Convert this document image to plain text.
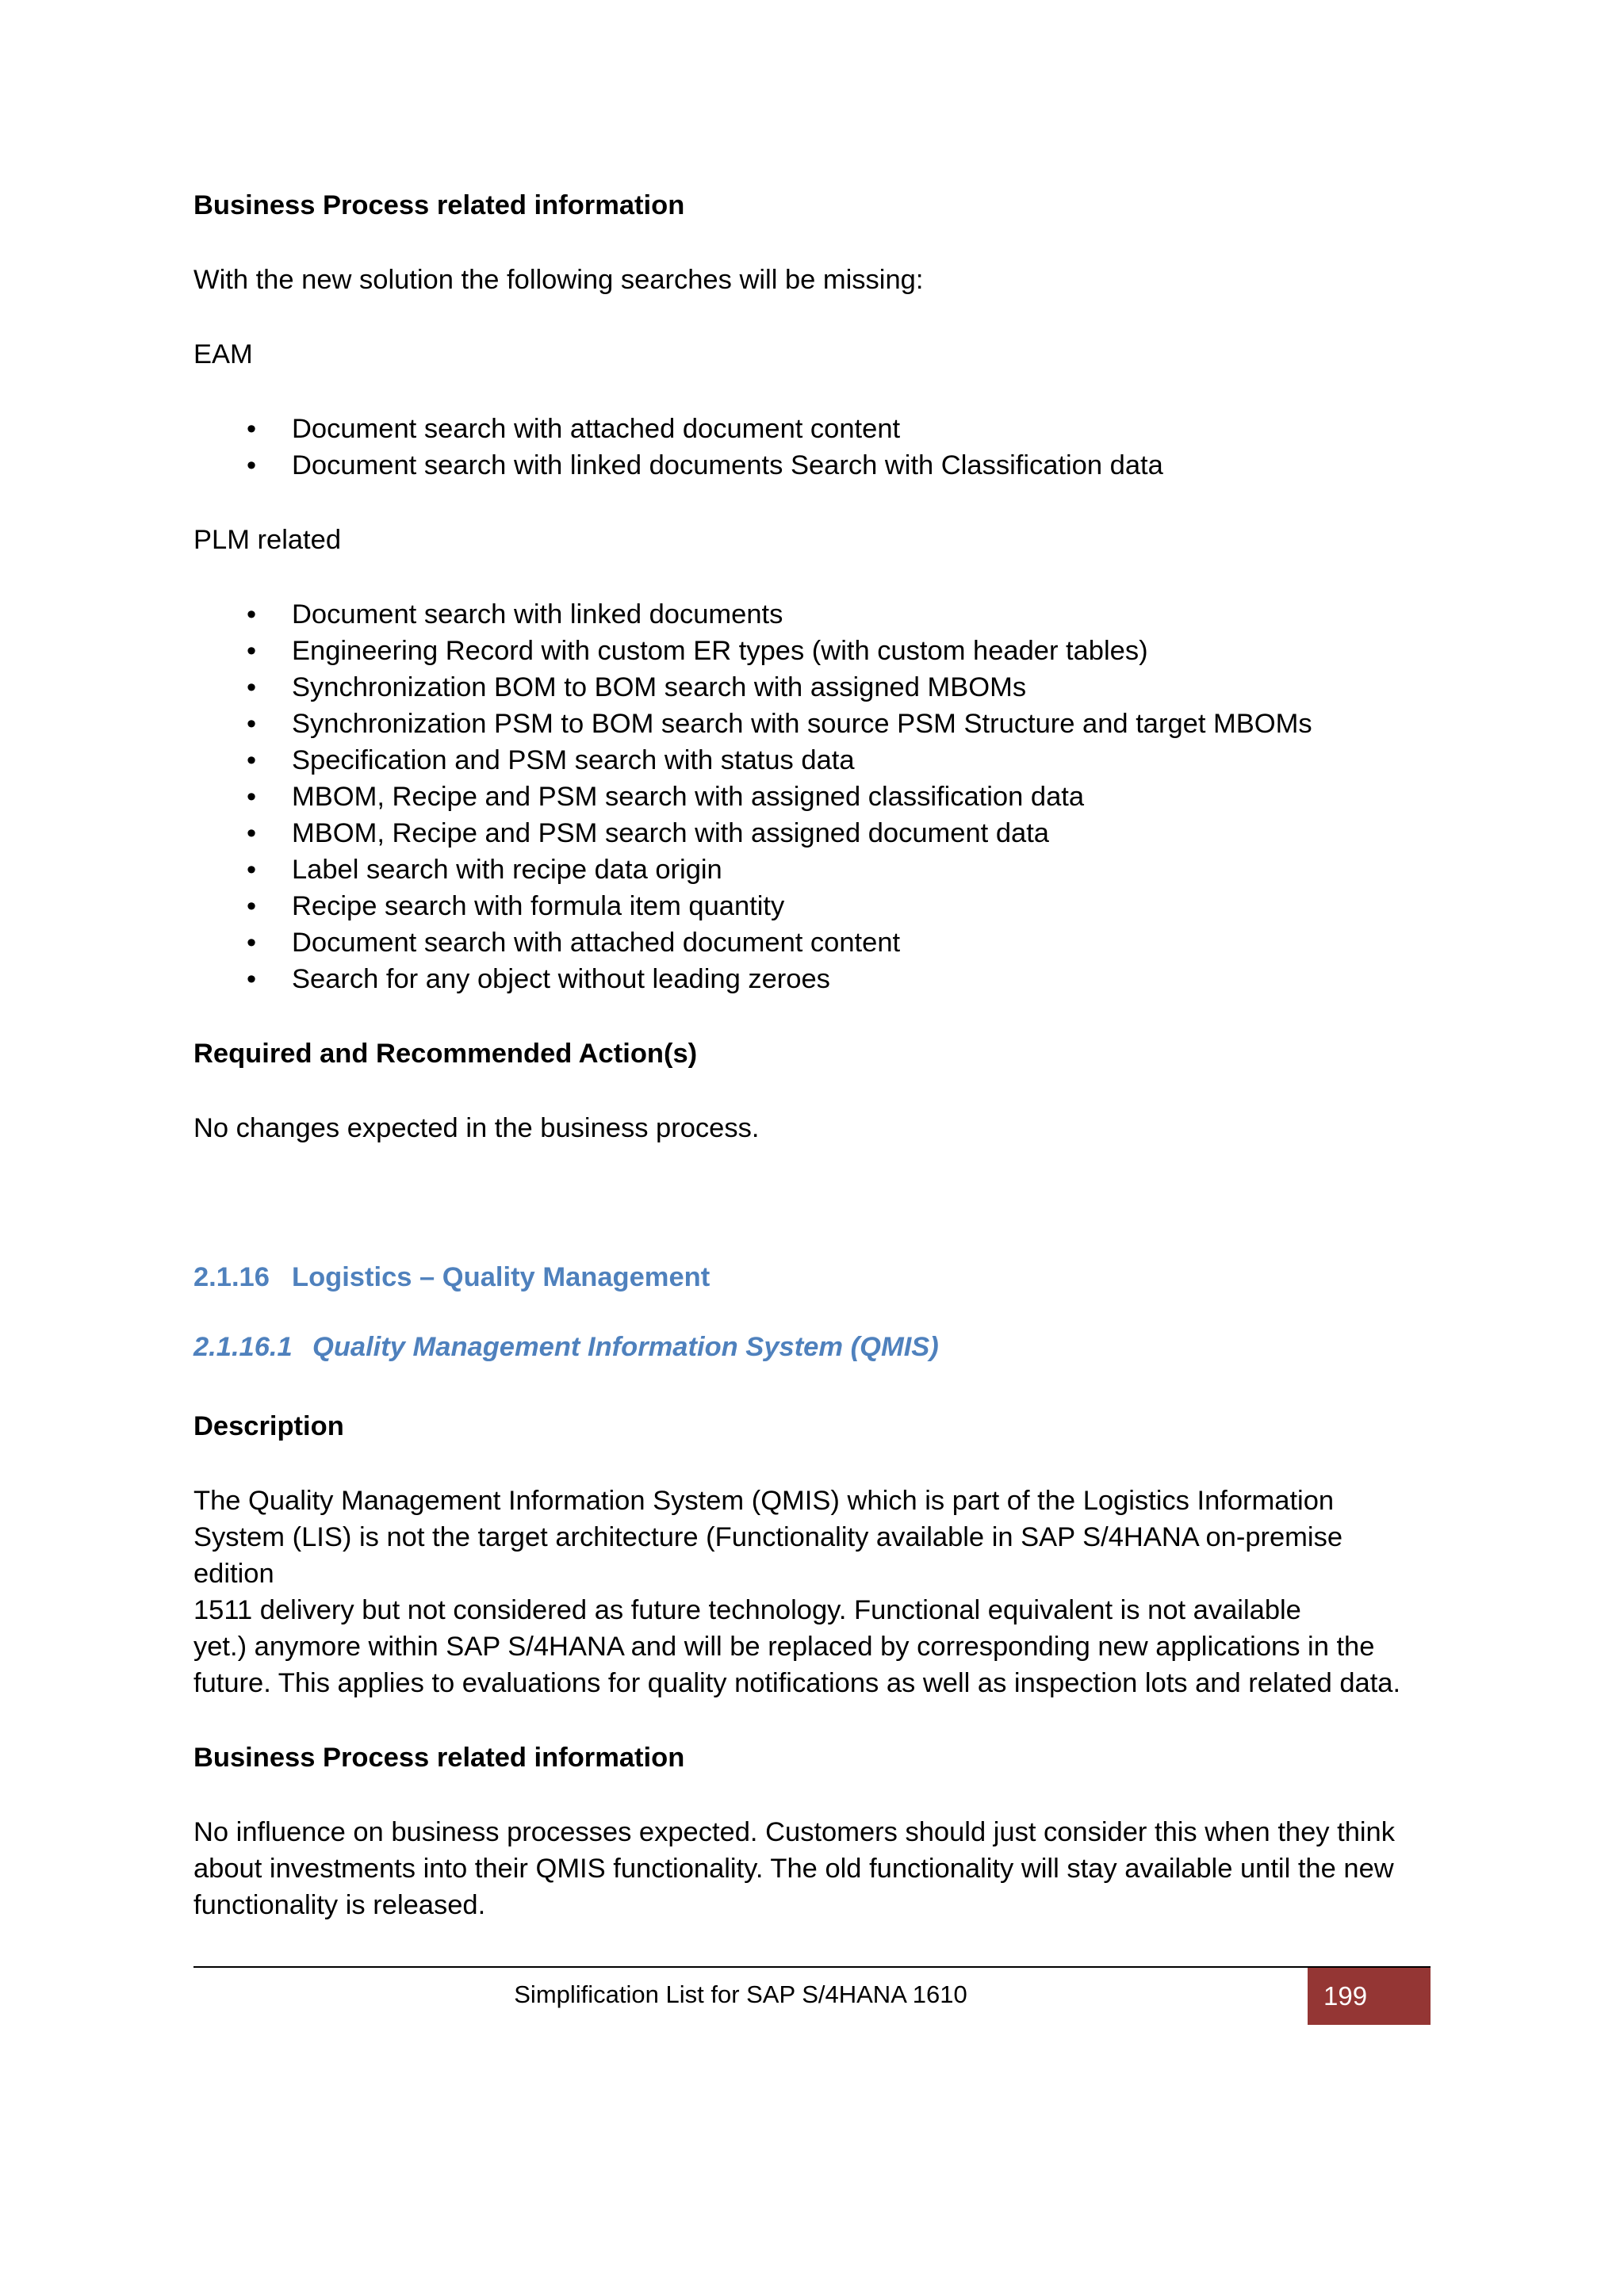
Business Process related information

With the new solution the following searches will be missing:

EAM

• Document search with attached document content
• Document search with linked documents Search with Classification data

PLM related

• Document search with linked documents
• Engineering Record with custom ER types (with custom header tables)
• Synchronization BOM to BOM search with assigned MBOMs
• Synchronization PSM to BOM search with source PSM Structure and target MBOMs
• Specification and PSM search with status data
• MBOM, Recipe and PSM search with assigned classification data
• MBOM, Recipe and PSM search with assigned document data
• Label search with recipe data origin
• Recipe search with formula item quantity
• Document search with attached document content
• Search for any object without leading zeroes
Required and Recommended Action(s)

No changes expected in the business process.

2.1.16 Logistics – Quality Management
2.1.16.1 Quality Management Information System (QMIS)
Description

The Quality Management Information System (QMIS) which is part of the Logistics Information
System (LIS) is not the target architecture (Functionality available in SAP S/4HANA on-premise edition
1511 delivery but not considered as future technology. Functional equivalent is not available
yet.) anymore within SAP S/4HANA and will be replaced by corresponding new applications in the
future. This applies to evaluations for quality notifications as well as inspection lots and related data.

Business Process related information

No influence on business processes expected. Customers should just consider this when they think
about investments into their QMIS functionality. The old functionality will stay available until the new
functionality is released.

Simplification List for SAP S/4HANA 1610	199
